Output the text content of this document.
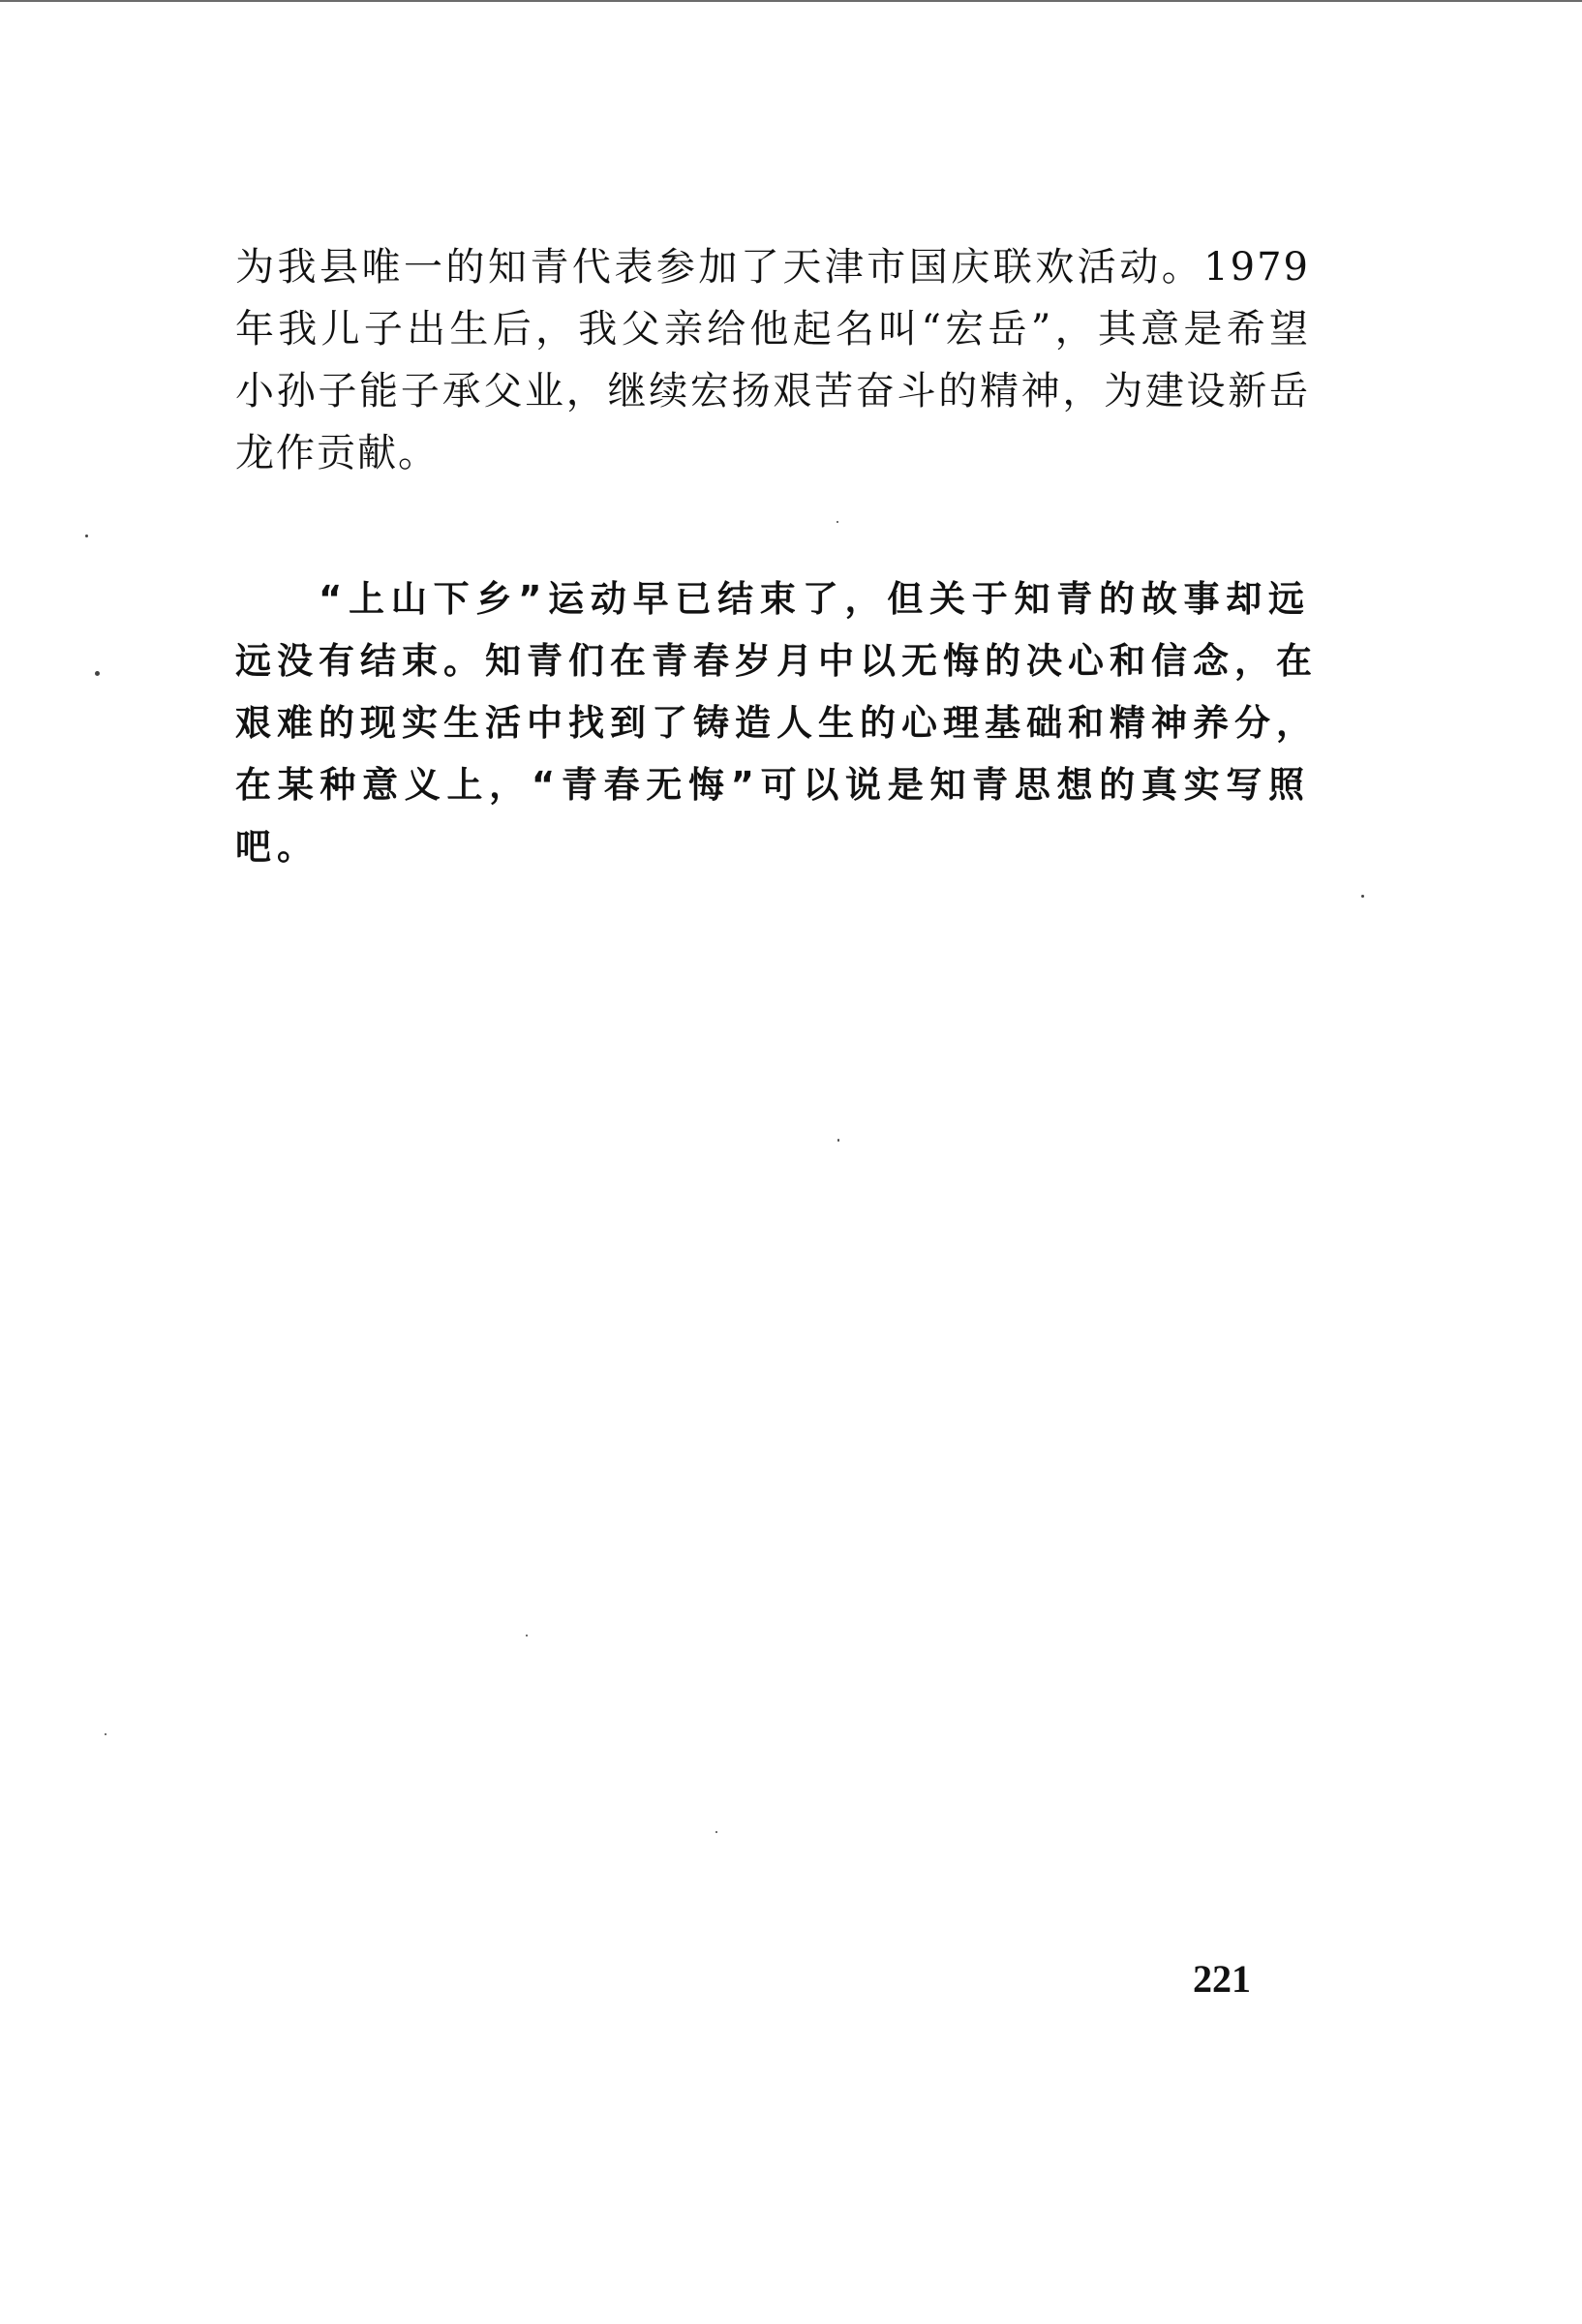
为我县唯一的知青代表参加了天津市国庆联欢活动。1979
年我儿子出生后，我父亲给他起名叫“宏岳”，其意是希望
小孙子能子承父业，继续宏扬艰苦奋斗的精神，为建设新岳
龙作贡献。
“上山下乡”运动早已结束了，但关于知青的故事却远
远没有结束。知青们在青春岁月中以无悔的决心和信念，在
艰难的现实生活中找到了铸造人生的心理基础和精神养分，
在某种意义上，“青春无悔”可以说是知青思想的真实写照
吧。
221
